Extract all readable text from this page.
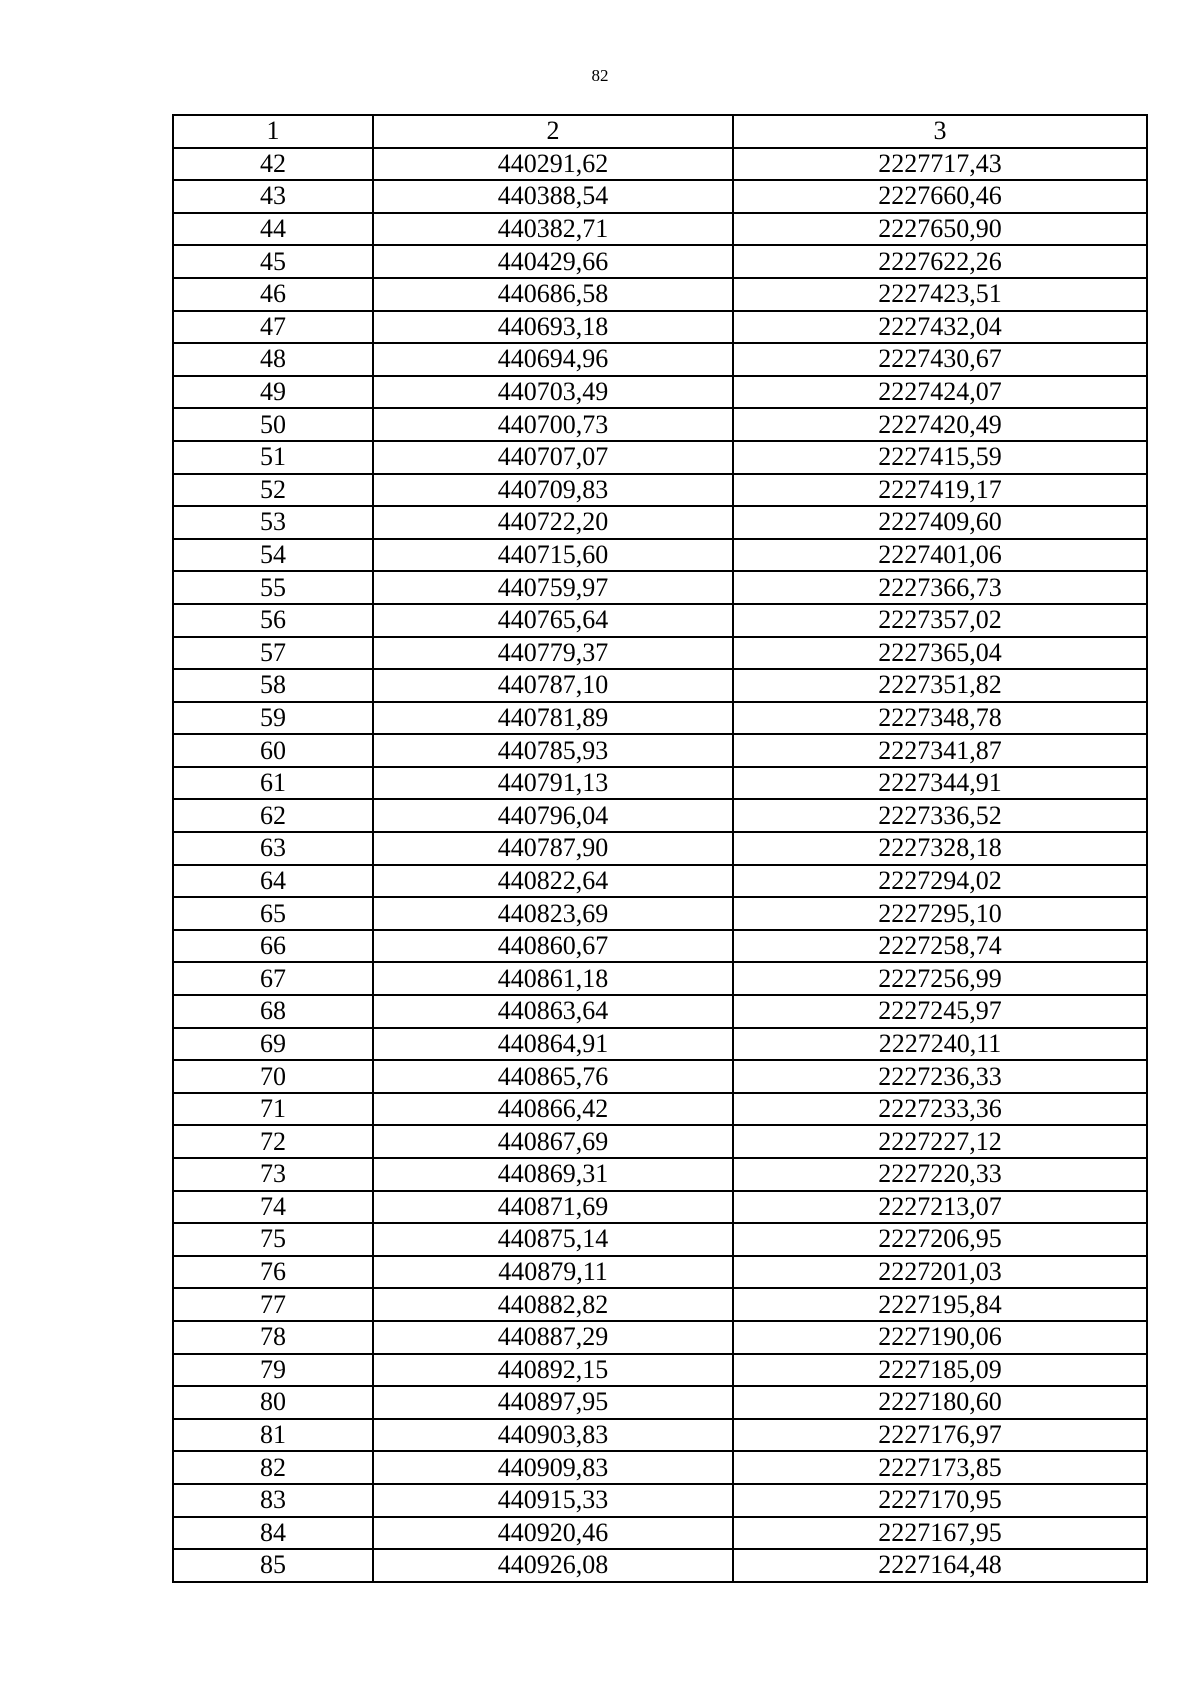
82
1	2	3
42	440291,62	2227717,43
43	440388,54	2227660,46
44	440382,71	2227650,90
45	440429,66	2227622,26
46	440686,58	2227423,51
47	440693,18	2227432,04
48	440694,96	2227430,67
49	440703,49	2227424,07
50	440700,73	2227420,49
51	440707,07	2227415,59
52	440709,83	2227419,17
53	440722,20	2227409,60
54	440715,60	2227401,06
55	440759,97	2227366,73
56	440765,64	2227357,02
57	440779,37	2227365,04
58	440787,10	2227351,82
59	440781,89	2227348,78
60	440785,93	2227341,87
61	440791,13	2227344,91
62	440796,04	2227336,52
63	440787,90	2227328,18
64	440822,64	2227294,02
65	440823,69	2227295,10
66	440860,67	2227258,74
67	440861,18	2227256,99
68	440863,64	2227245,97
69	440864,91	2227240,11
70	440865,76	2227236,33
71	440866,42	2227233,36
72	440867,69	2227227,12
73	440869,31	2227220,33
74	440871,69	2227213,07
75	440875,14	2227206,95
76	440879,11	2227201,03
77	440882,82	2227195,84
78	440887,29	2227190,06
79	440892,15	2227185,09
80	440897,95	2227180,60
81	440903,83	2227176,97
82	440909,83	2227173,85
83	440915,33	2227170,95
84	440920,46	2227167,95
85	440926,08	2227164,48
